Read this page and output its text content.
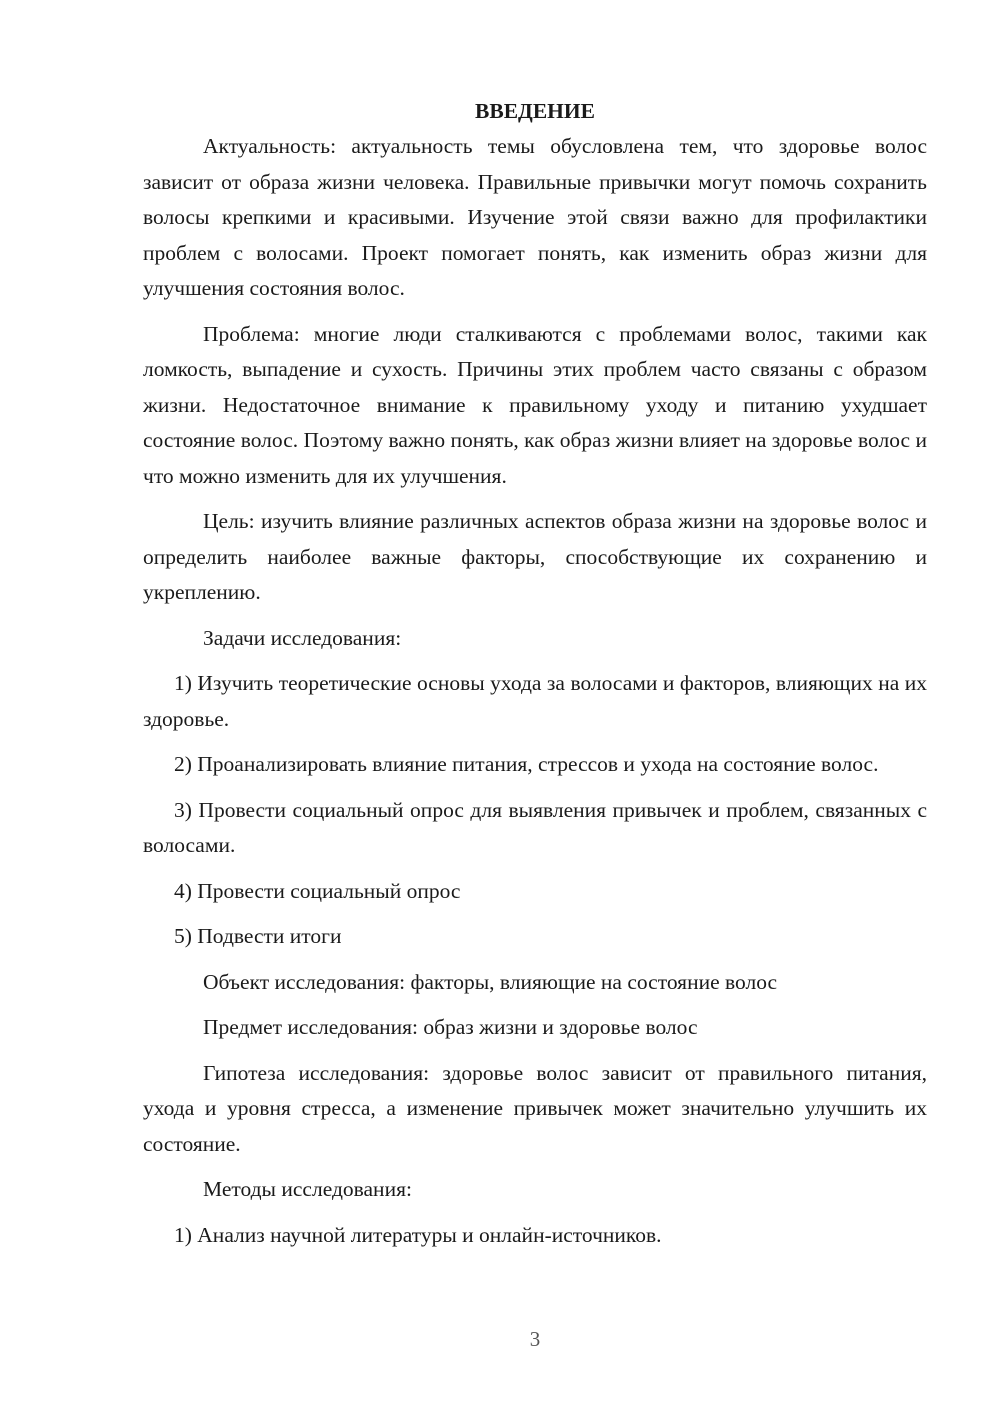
ВВЕДЕНИЕ

Актуальность: актуальность темы обусловлена тем, что здоровье волос зависит от образа жизни человека. Правильные привычки могут помочь сохранить волосы крепкими и красивыми. Изучение этой связи важно для профилактики проблем с волосами. Проект помогает понять, как изменить образ жизни для улучшения состояния волос.

Проблема: многие люди сталкиваются с проблемами волос, такими как ломкость, выпадение и сухость. Причины этих проблем часто связаны с образом жизни. Недостаточное внимание к правильному уходу и питанию ухудшает состояние волос. Поэтому важно понять, как образ жизни влияет на здоровье волос и что можно изменить для их улучшения.

Цель: изучить влияние различных аспектов образа жизни на здоровье волос и определить наиболее важные факторы, способствующие их сохранению и укреплению.

Задачи исследования:

1) Изучить теоретические основы ухода за волосами и факторов, влияющих на их здоровье.

2) Проанализировать влияние питания, стрессов и ухода на состояние волос.

3) Провести социальный опрос для выявления привычек и проблем, связанных с волосами.

4) Провести социальный опрос

5) Подвести итоги

Объект исследования: факторы, влияющие на состояние волос

Предмет исследования: образ жизни и здоровье волос

Гипотеза исследования: здоровье волос зависит от правильного питания, ухода и уровня стресса, а изменение привычек может значительно улучшить их состояние.

Методы исследования:

1) Анализ научной литературы и онлайн-источников.

3
